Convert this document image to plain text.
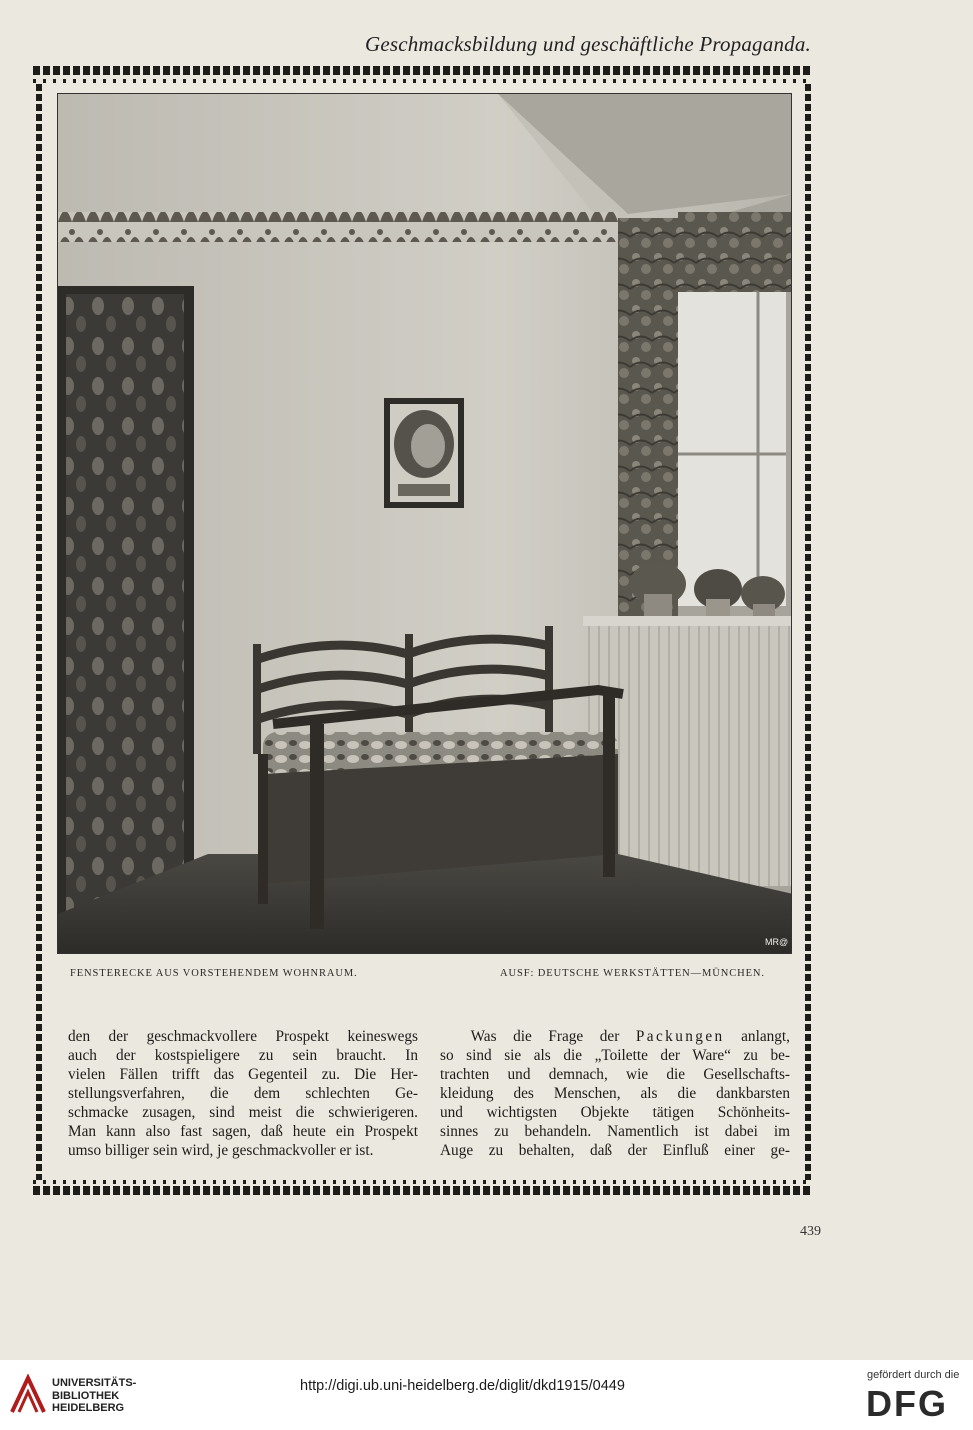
Geschmacksbildung und geschäftliche Propaganda.
MR@
FENSTERECKE AUS VORSTEHENDEM WOHNRAUM.	AUSF: DEUTSCHE WERKSTÄTTEN—MÜNCHEN.
den der geschmackvollere Prospekt keineswegs
auch der kostspieligere zu sein braucht. In
vielen Fällen trifft das Gegenteil zu. Die Her-
stellungsverfahren, die dem schlechten Ge-
schmacke zusagen, sind meist die schwierigeren.
Man kann also fast sagen, daß heute ein Prospekt
umso billiger sein wird, je geschmackvoller er ist.
  Was die Frage der Packungen anlangt,
so sind sie als die „Toilette der Ware“ zu be-
trachten und demnach, wie die Gesellschafts-
kleidung des Menschen, als die dankbarsten
und wichtigsten Objekte tätigen Schönheits-
sinnes zu behandeln. Namentlich ist dabei im
Auge zu behalten, daß der Einfluß einer ge-
439
UNIVERSITÄTS-
BIBLIOTHEK
HEIDELBERG
http://digi.ub.uni-heidelberg.de/diglit/dkd1915/0449
gefördert durch die
DFG
